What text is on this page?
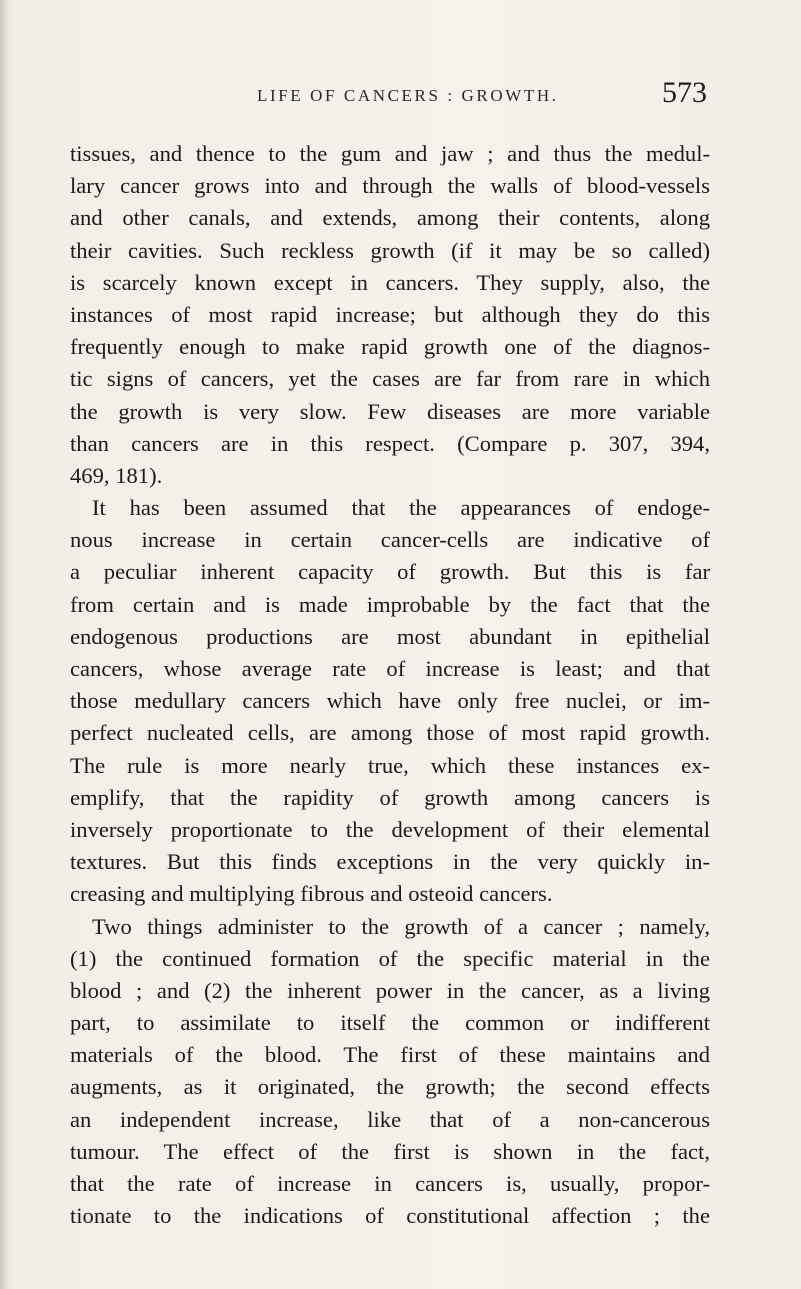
LIFE OF CANCERS : GROWTH.	573
tissues, and thence to the gum and jaw ; and thus the medul-
lary cancer grows into and through the walls of blood-vessels
and other canals, and extends, among their contents, along
their cavities. Such reckless growth (if it may be so called)
is scarcely known except in cancers. They supply, also, the
instances of most rapid increase; but although they do this
frequently enough to make rapid growth one of the diagnos-
tic signs of cancers, yet the cases are far from rare in which
the growth is very slow. Few diseases are more variable
than cancers are in this respect. (Compare p. 307, 394,
469, 181).
It has been assumed that the appearances of endoge-
nous increase in certain cancer-cells are indicative of
a peculiar inherent capacity of growth. But this is far
from certain and is made improbable by the fact that the
endogenous productions are most abundant in epithelial
cancers, whose average rate of increase is least; and that
those medullary cancers which have only free nuclei, or im-
perfect nucleated cells, are among those of most rapid growth.
The rule is more nearly true, which these instances ex-
emplify, that the rapidity of growth among cancers is
inversely proportionate to the development of their elemental
textures. But this finds exceptions in the very quickly in-
creasing and multiplying fibrous and osteoid cancers.
Two things administer to the growth of a cancer ; namely,
(1) the continued formation of the specific material in the
blood ; and (2) the inherent power in the cancer, as a living
part, to assimilate to itself the common or indifferent
materials of the blood. The first of these maintains and
augments, as it originated, the growth; the second effects
an independent increase, like that of a non-cancerous
tumour. The effect of the first is shown in the fact,
that the rate of increase in cancers is, usually, propor-
tionate to the indications of constitutional affection ; the
